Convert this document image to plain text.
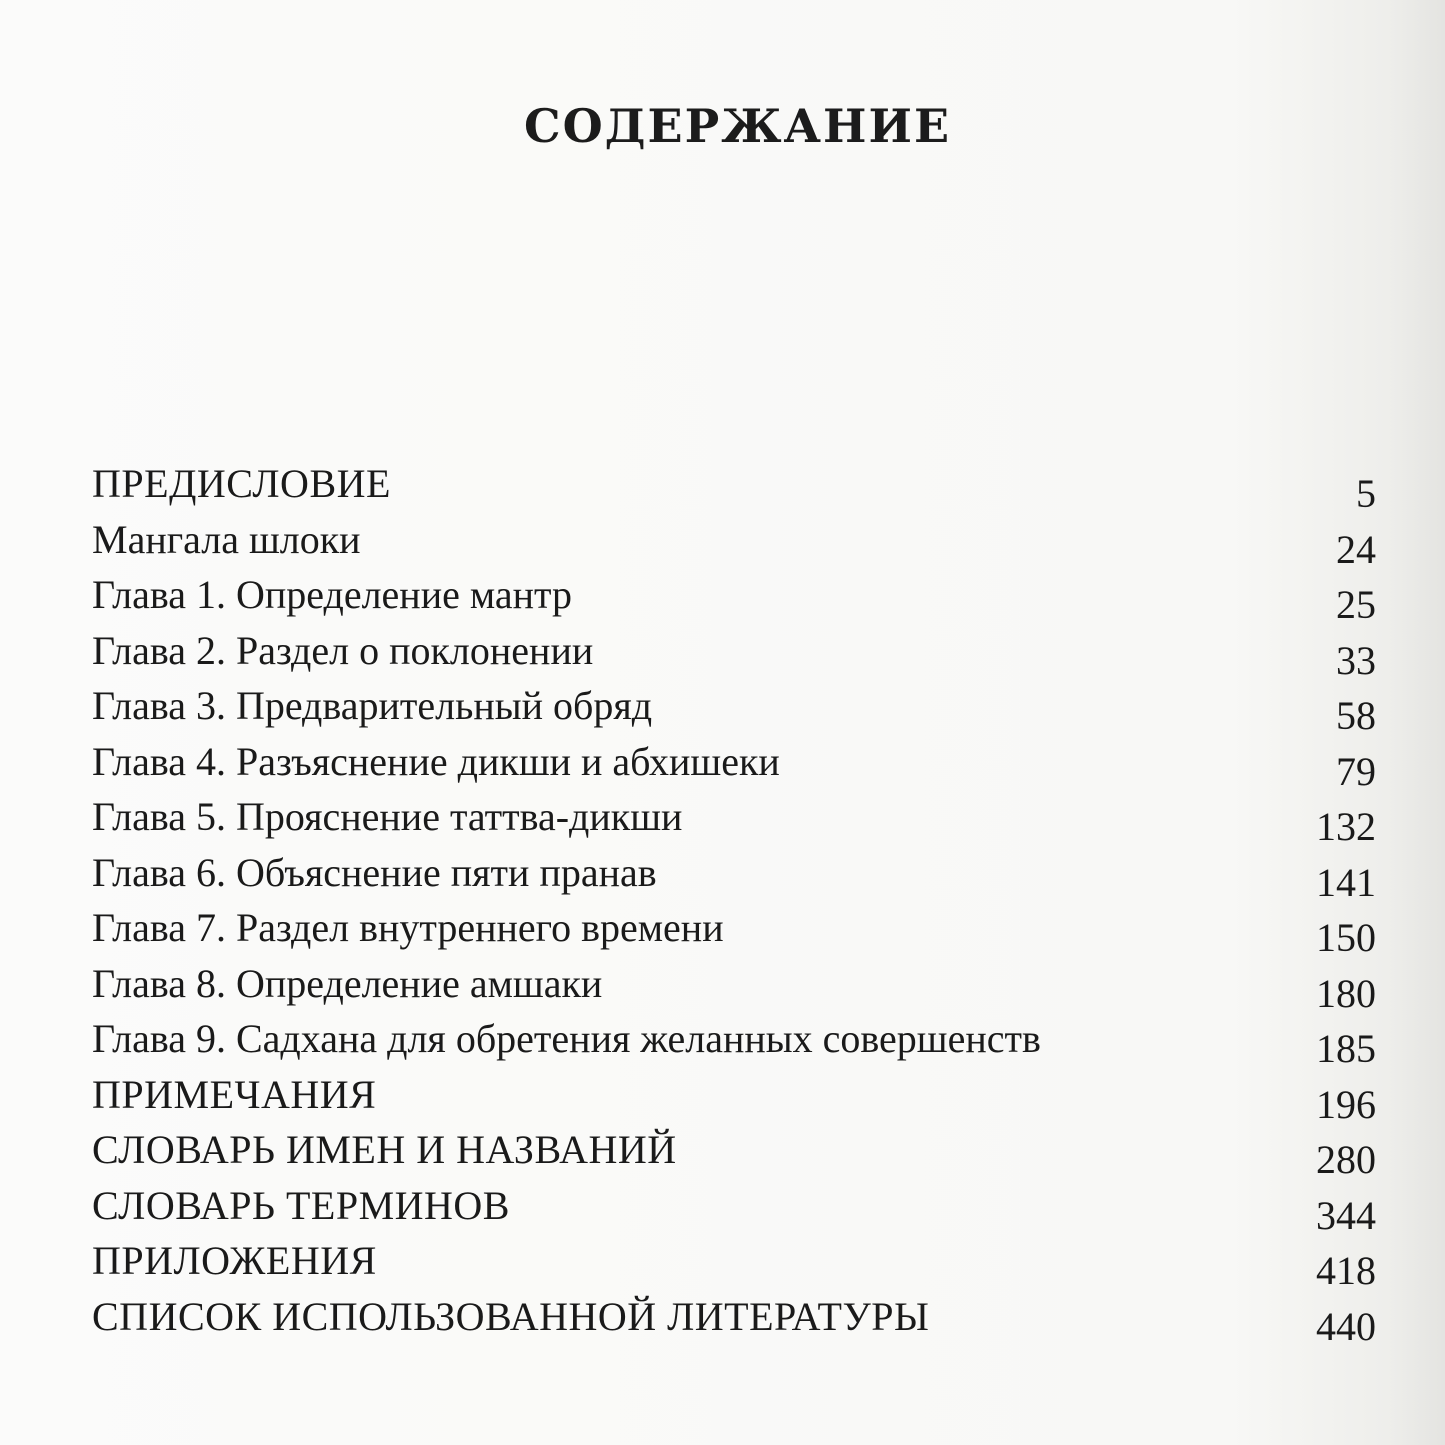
СОДЕРЖАНИЕ
ПРЕДИСЛОВИЕ	5
Мангала шлоки	24
Глава 1. Определение мантр	25
Глава 2. Раздел о поклонении	33
Глава 3. Предварительный обряд	58
Глава 4. Разъяснение дикши и абхишеки	79
Глава 5. Прояснение таттва-дикши	132
Глава 6. Объяснение пяти пранав	141
Глава 7. Раздел внутреннего времени	150
Глава 8. Определение амшаки	180
Глава 9. Садхана для обретения желанных совершенств	185
ПРИМЕЧАНИЯ	196
СЛОВАРЬ ИМЕН И НАЗВАНИЙ	280
СЛОВАРЬ ТЕРМИНОВ	344
ПРИЛОЖЕНИЯ	418
СПИСОК ИСПОЛЬЗОВАННОЙ ЛИТЕРАТУРЫ	440
